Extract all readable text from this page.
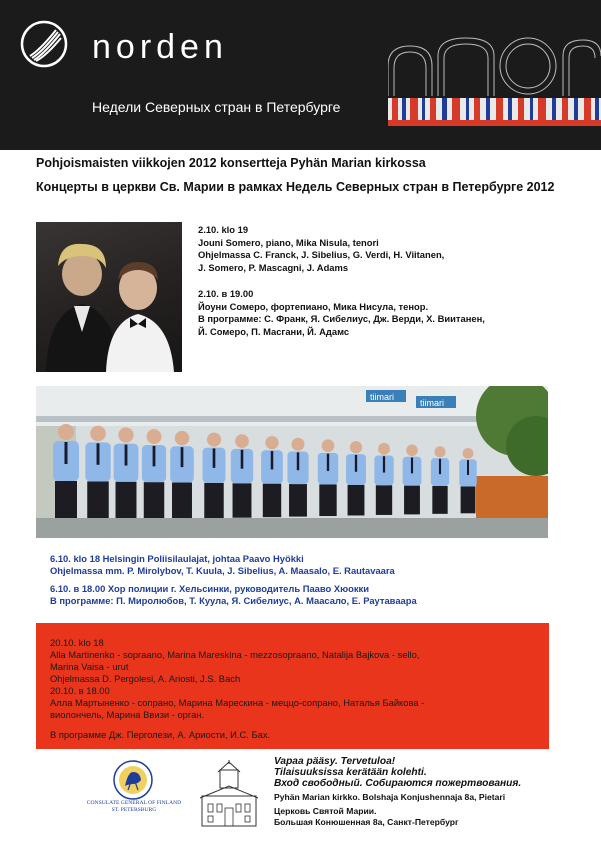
norden
Недели Северных стран в Петербурге
Pohjoismaisten viikkojen 2012 konsertteja Pyhän Marian kirkossa
Концерты в церкви Св. Марии в рамках Недель Северных стран в Петербурге 2012
2.10. klo 19
Jouni Somero, piano, Mika Nisula, tenori
Ohjelmassa C. Franck, J. Sibelius, G. Verdi, H. Viitanen,
J. Somero, P. Mascagni, J. Adams
2.10. в 19.00
Йоуни Сомеро, фортепиано, Мика Нисула, тенор.
В программе: С. Франк, Я. Сибелиус, Дж. Верди, Х. Виитанен,
Й. Сомеро, П. Масгани, Й. Адамс
tiimari
tiimari
6.10. klo 18 Helsingin Poliisilaulajat, johtaa Paavo Hyökki
Ohjelmassa mm. P. Mirolybov, T. Kuula, J. Sibelius, A. Maasalo, E. Rautavaara
6.10. в 18.00 Хор полиции г. Хельсинки, руководитель Пааво Хюокки
В программе: П. Миролюбов, Т. Куула, Я. Сибелиус, А. Маасало, Е. Раутаваара
20.10. klo 18
Alla Martinenko - sopraano, Marina Mareskina - mezzosopraano, Natalija Bajkova - sello,
Marina Vaisa - urut
Ohjelmassa D. Pergolesi, A. Ariosti, J.S. Bach
20.10. в 18.00
Алла Мартыненко - сопрано, Марина Марескина - меццо-сопрано, Наталья Байкова -
виолончель, Марина Ввизи - орган.
В программе Дж. Перголези, А. Ариости, И.С. Бах.
CONSULATE GENERAL OF FINLAND
ST. PETERSBURG
Vapaa pääsy. Tervetuloa!
Tilaisuuksissa kerätään kolehti.
Вход свободный. Собираются пожертвования.
Pyhän Marian kirkko. Bolshaja Konjushennaja 8a, Pietari
Церковь Святой Марии.
Большая Конюшенная 8а, Санкт-Петербург
